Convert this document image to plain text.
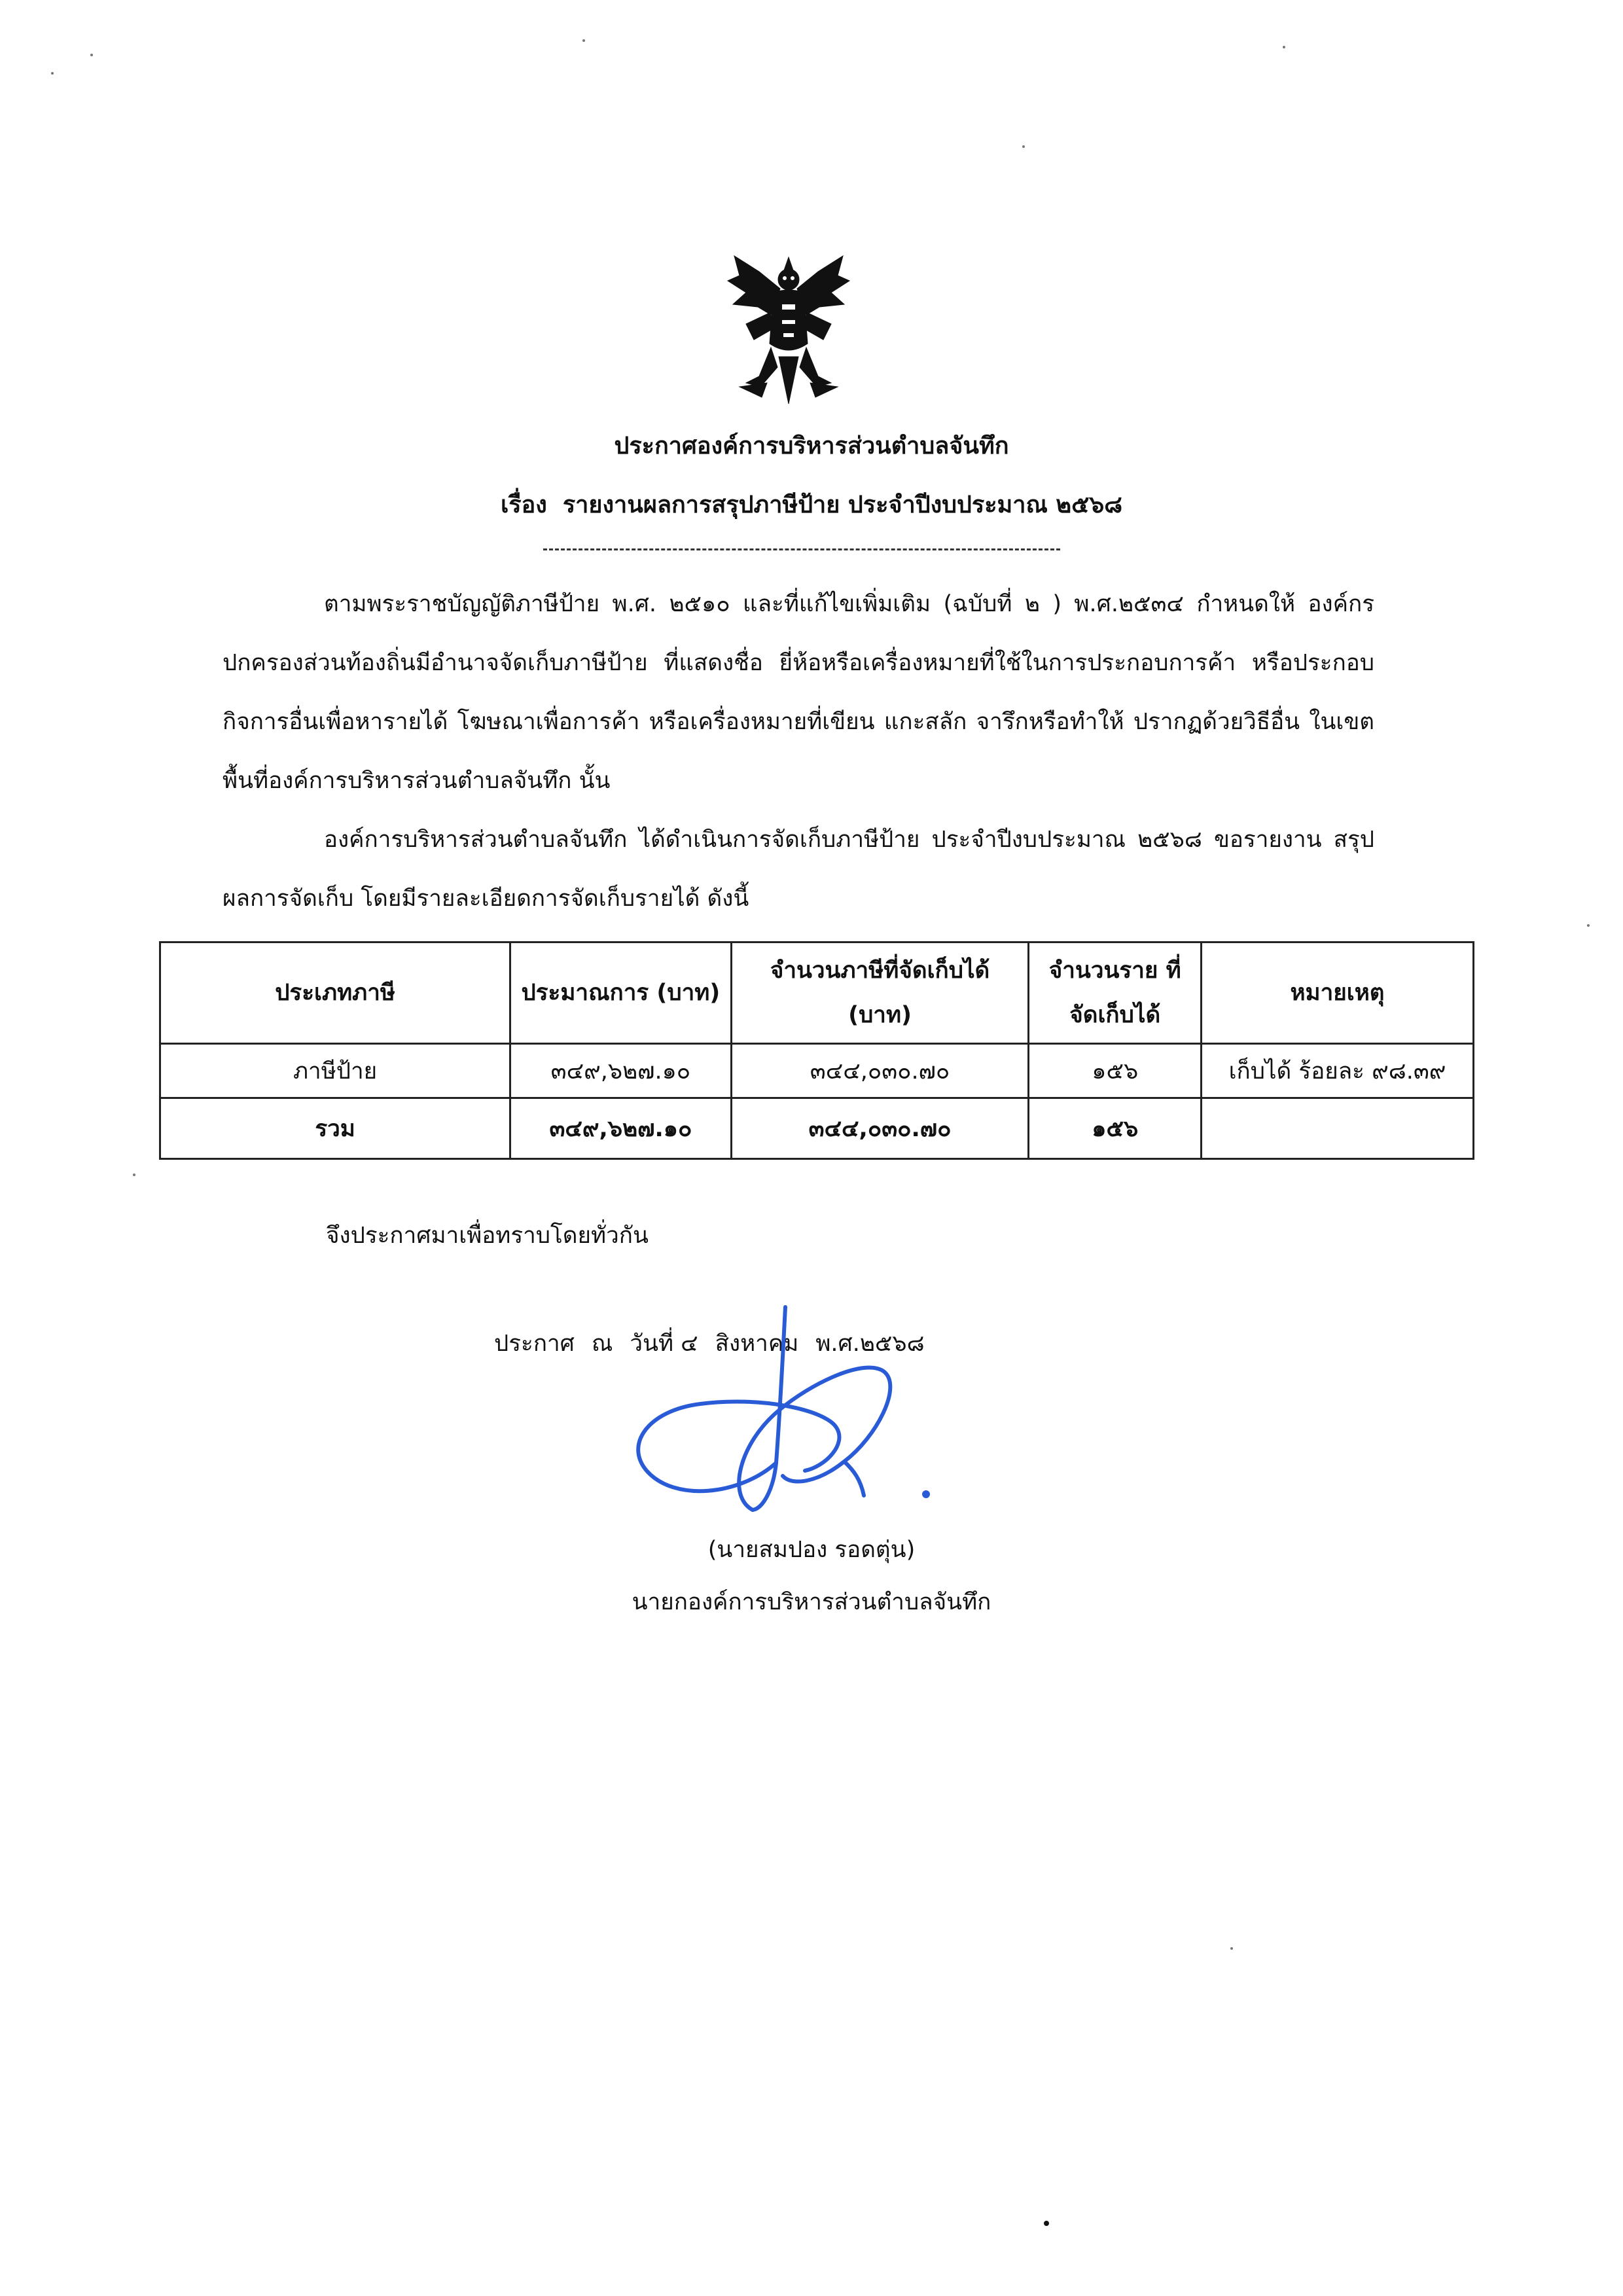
ประกาศองค์การบริหารส่วนตำบลจันทึก
เรื่อง รายงานผลการสรุปภาษีป้าย ประจำปีงบประมาณ ๒๕๖๘
ตามพระราชบัญญัติภาษีป้าย พ.ศ. ๒๕๑๐ และที่แก้ไขเพิ่มเติม (ฉบับที่ ๒ ) พ.ศ.๒๕๓๔ กำหนดให้ องค์กรปกครองส่วนท้องถิ่นมีอำนาจจัดเก็บภาษีป้าย ที่แสดงชื่อ ยี่ห้อหรือเครื่องหมายที่ใช้ในการประกอบการค้า หรือประกอบกิจการอื่นเพื่อหารายได้ โฆษณาเพื่อการค้า หรือเครื่องหมายที่เขียน แกะสลัก จารึกหรือทำให้ ปรากฏด้วยวิธีอื่น ในเขตพื้นที่องค์การบริหารส่วนตำบลจันทึก นั้น
องค์การบริหารส่วนตำบลจันทึก ได้ดำเนินการจัดเก็บภาษีป้าย ประจำปีงบประมาณ ๒๕๖๘ ขอรายงาน สรุปผลการจัดเก็บ โดยมีรายละเอียดการจัดเก็บรายได้ ดังนี้
ประเภทภาษี	ประมาณการ (บาท)	จำนวนภาษีที่จัดเก็บได้ (บาท)	จำนวนราย ที่จัดเก็บได้	หมายเหตุ
ภาษีป้าย	๓๔๙,๖๒๗.๑๐	๓๔๔,๐๓๐.๗๐	๑๕๖	เก็บได้ ร้อยละ ๙๘.๓๙
รวม	๓๔๙,๖๒๗.๑๐	๓๔๔,๐๓๐.๗๐	๑๕๖	
จึงประกาศมาเพื่อทราบโดยทั่วกัน
ประกาศ ณ วันที่ ๔ สิงหาคม พ.ศ.๒๕๖๘
(นายสมปอง รอดตุ่น)
นายกองค์การบริหารส่วนตำบลจันทึก
